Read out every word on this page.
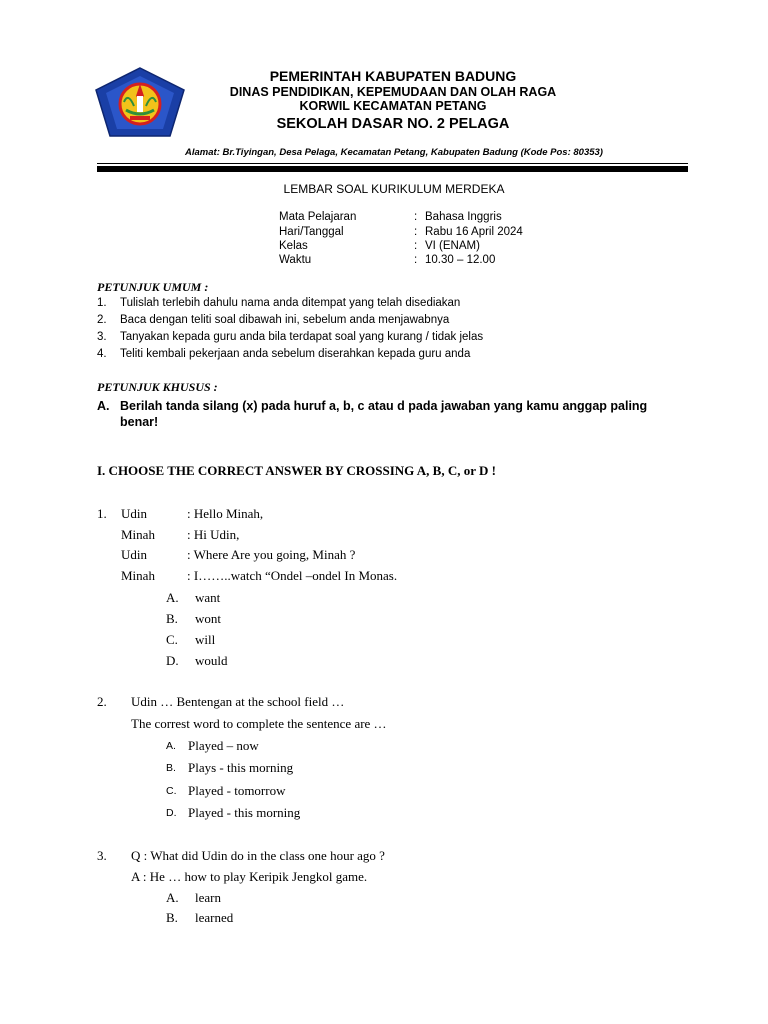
PEMERINTAH KABUPATEN BADUNG
DINAS PENDIDIKAN, KEPEMUDAAN DAN OLAH RAGA
KORWIL KECAMATAN PETANG
SEKOLAH DASAR NO. 2 PELAGA
Alamat: Br.Tiyingan, Desa Pelaga, Kecamatan Petang, Kabupaten Badung (Kode Pos: 80353)
LEMBAR SOAL KURIKULUM MERDEKA
Mata Pelajaran	: Bahasa Inggris
Hari/Tanggal	: Rabu 16 April 2024
Kelas	: VI (ENAM)
Waktu	: 10.30 – 12.00
PETUNJUK UMUM :
1. Tulislah terlebih dahulu nama anda ditempat yang telah disediakan
2. Baca dengan teliti soal dibawah ini, sebelum anda menjawabnya
3. Tanyakan kepada guru anda bila terdapat soal yang kurang / tidak jelas
4. Teliti kembali pekerjaan anda sebelum diserahkan kepada guru anda
PETUNJUK KHUSUS :
A. Berilah tanda silang (x) pada huruf a, b, c atau d pada jawaban yang kamu anggap paling
benar!
I. CHOOSE THE CORRECT ANSWER BY CROSSING A, B, C, or D !
1. Udin	: Hello Minah,
Minah : Hi Udin,
Udin	: Where Are you going, Minah ?
Minah : I……..watch “Ondel –ondel In Monas.
A. want
B. wont
C. will
D. would
2. Udin … Bentengan at the school field …
The correst word to complete the sentence are …
A. Played – now
B. Plays - this morning
C. Played - tomorrow
D. Played - this morning
3. Q : What did Udin do in the class one hour ago ?
A : He … how to play Keripik Jengkol game.
A. learn
B. learned
